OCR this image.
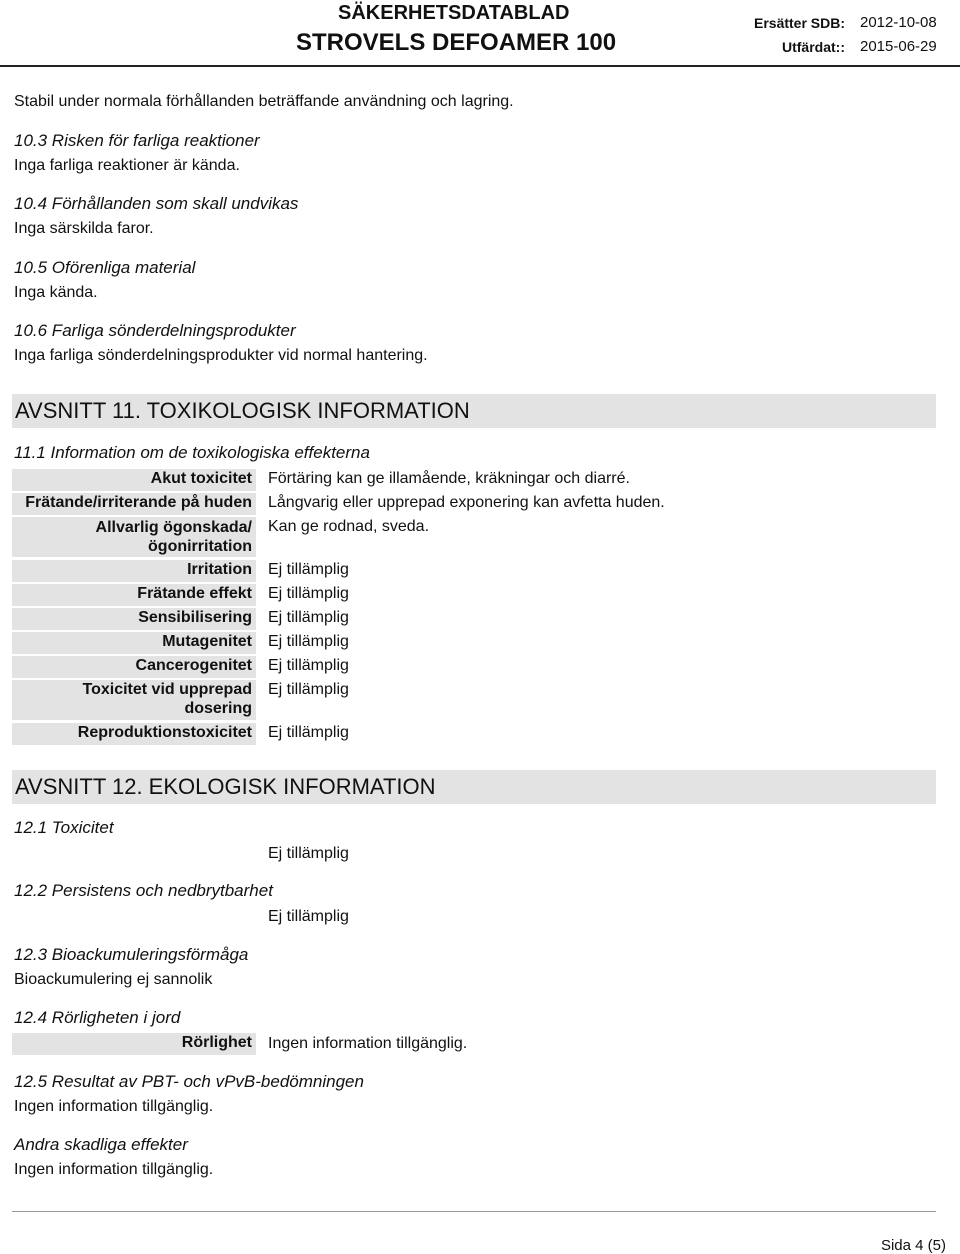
SÄKERHETSDATABLAD
STROVELS DEFOAMER 100
Ersätter SDB: 2012-10-08
Utfärdat:: 2015-06-29
Stabil under normala förhållanden beträffande användning och lagring.
10.3 Risken för farliga reaktioner
Inga farliga reaktioner är kända.
10.4 Förhållanden som skall undvikas
Inga särskilda faror.
10.5 Oförenliga material
Inga kända.
10.6 Farliga sönderdelningsprodukter
Inga farliga sönderdelningsprodukter vid normal hantering.
AVSNITT 11. TOXIKOLOGISK INFORMATION
11.1 Information om de toxikologiska effekterna
Akut toxicitet Förtäring kan ge illamående, kräkningar och diarré.
Frätande/irriterande på huden Långvarig eller upprepad exponering kan avfetta huden.
Allvarlig ögonskada/ögonirritation
Kan ge rodnad, sveda.
Irritation Ej tillämplig
Frätande effekt Ej tillämplig
Sensibilisering Ej tillämplig
Mutagenitet Ej tillämplig
Cancerogenitet Ej tillämplig
Toxicitet vid upprepad dosering
Ej tillämplig
Reproduktionstoxicitet Ej tillämplig
AVSNITT 12. EKOLOGISK INFORMATION
12.1 Toxicitet
Ej tillämplig
12.2 Persistens och nedbrytbarhet
Ej tillämplig
12.3 Bioackumuleringsförmåga
Bioackumulering ej sannolik
12.4 Rörligheten i jord
Rörlighet Ingen information tillgänglig.
12.5 Resultat av PBT- och vPvB-bedömningen
Ingen information tillgänglig.
Andra skadliga effekter
Ingen information tillgänglig.
Sida 4 (5)
